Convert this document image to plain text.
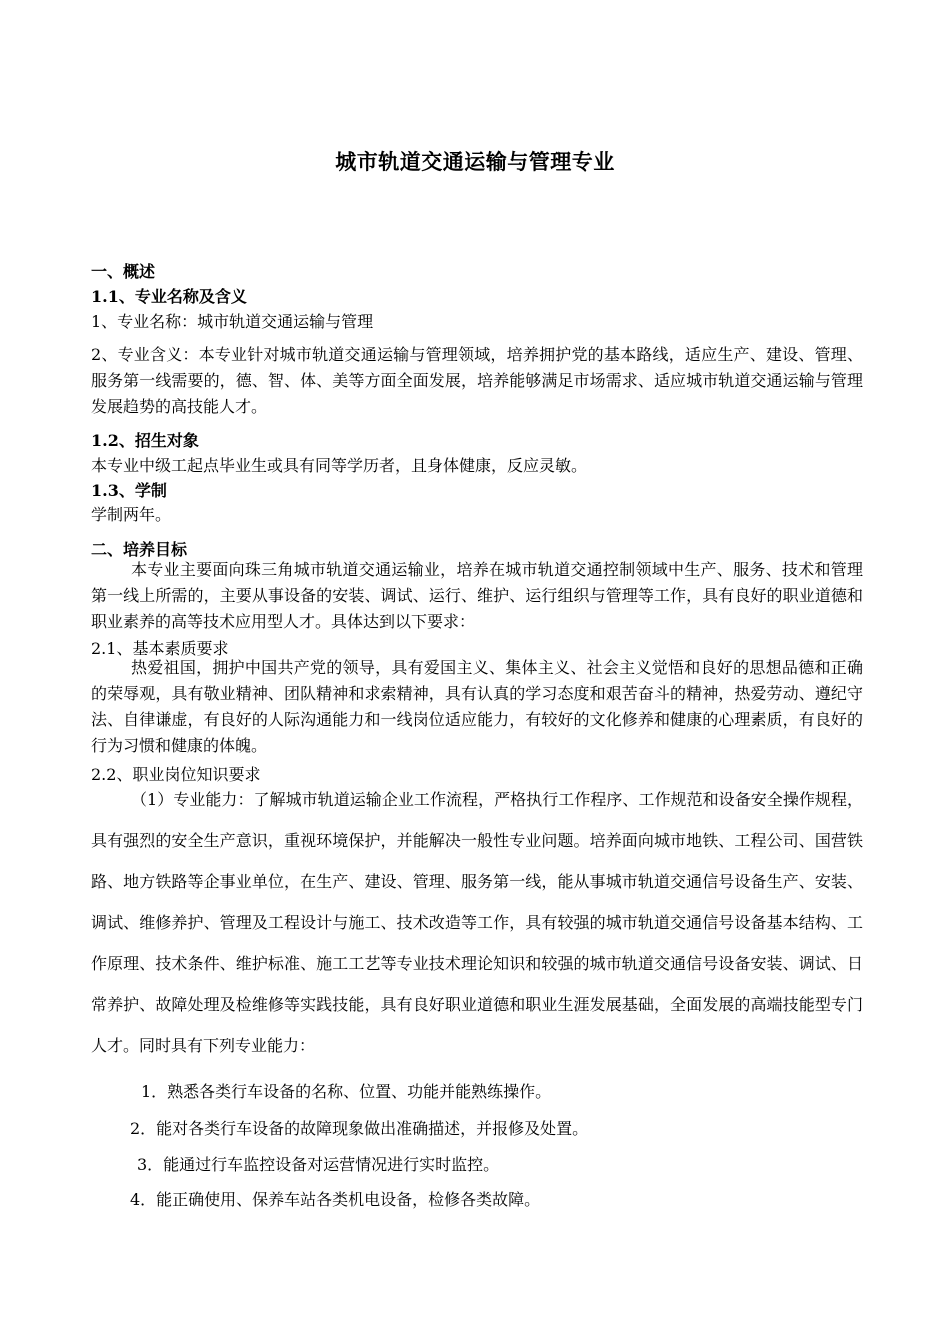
城市轨道交通运输与管理专业
一、概述
1.1、专业名称及含义
1、专业名称：城市轨道交通运输与管理
2、专业含义：本专业针对城市轨道交通运输与管理领域，培养拥护党的基本路线，适应生产、建设、管理、服务第一线需要的，德、智、体、美等方面全面发展，培养能够满足市场需求、适应城市轨道交通运输与管理发展趋势的高技能人才。
1.2、招生对象
本专业中级工起点毕业生或具有同等学历者，且身体健康，反应灵敏。
1.3、学制
学制两年。
二、培养目标
本专业主要面向珠三角城市轨道交通运输业，培养在城市轨道交通控制领域中生产、服务、技术和管理第一线上所需的，主要从事设备的安装、调试、运行、维护、运行组织与管理等工作，具有良好的职业道德和职业素养的高等技术应用型人才。具体达到以下要求：
2.1、基本素质要求
热爱祖国，拥护中国共产党的领导，具有爱国主义、集体主义、社会主义觉悟和良好的思想品德和正确的荣辱观，具有敬业精神、团队精神和求索精神，具有认真的学习态度和艰苦奋斗的精神，热爱劳动、遵纪守法、自律谦虚，有良好的人际沟通能力和一线岗位适应能力，有较好的文化修养和健康的心理素质，有良好的行为习惯和健康的体魄。
2.2、职业岗位知识要求
（1）专业能力：了解城市轨道运输企业工作流程，严格执行工作程序、工作规范和设备安全操作规程，具有强烈的安全生产意识，重视环境保护，并能解决一般性专业问题。培养面向城市地铁、工程公司、国营铁路、地方铁路等企事业单位，在生产、建设、管理、服务第一线，能从事城市轨道交通信号设备生产、安装、调试、维修养护、管理及工程设计与施工、技术改造等工作，具有较强的城市轨道交通信号设备基本结构、工作原理、技术条件、维护标准、施工工艺等专业技术理论知识和较强的城市轨道交通信号设备安装、调试、日常养护、故障处理及检维修等实践技能，具有良好职业道德和职业生涯发展基础，全面发展的高端技能型专门人才。同时具有下列专业能力：
1．熟悉各类行车设备的名称、位置、功能并能熟练操作。
2．能对各类行车设备的故障现象做出准确描述，并报修及处置。
3．能通过行车监控设备对运营情况进行实时监控。
4．能正确使用、保养车站各类机电设备，检修各类故障。
